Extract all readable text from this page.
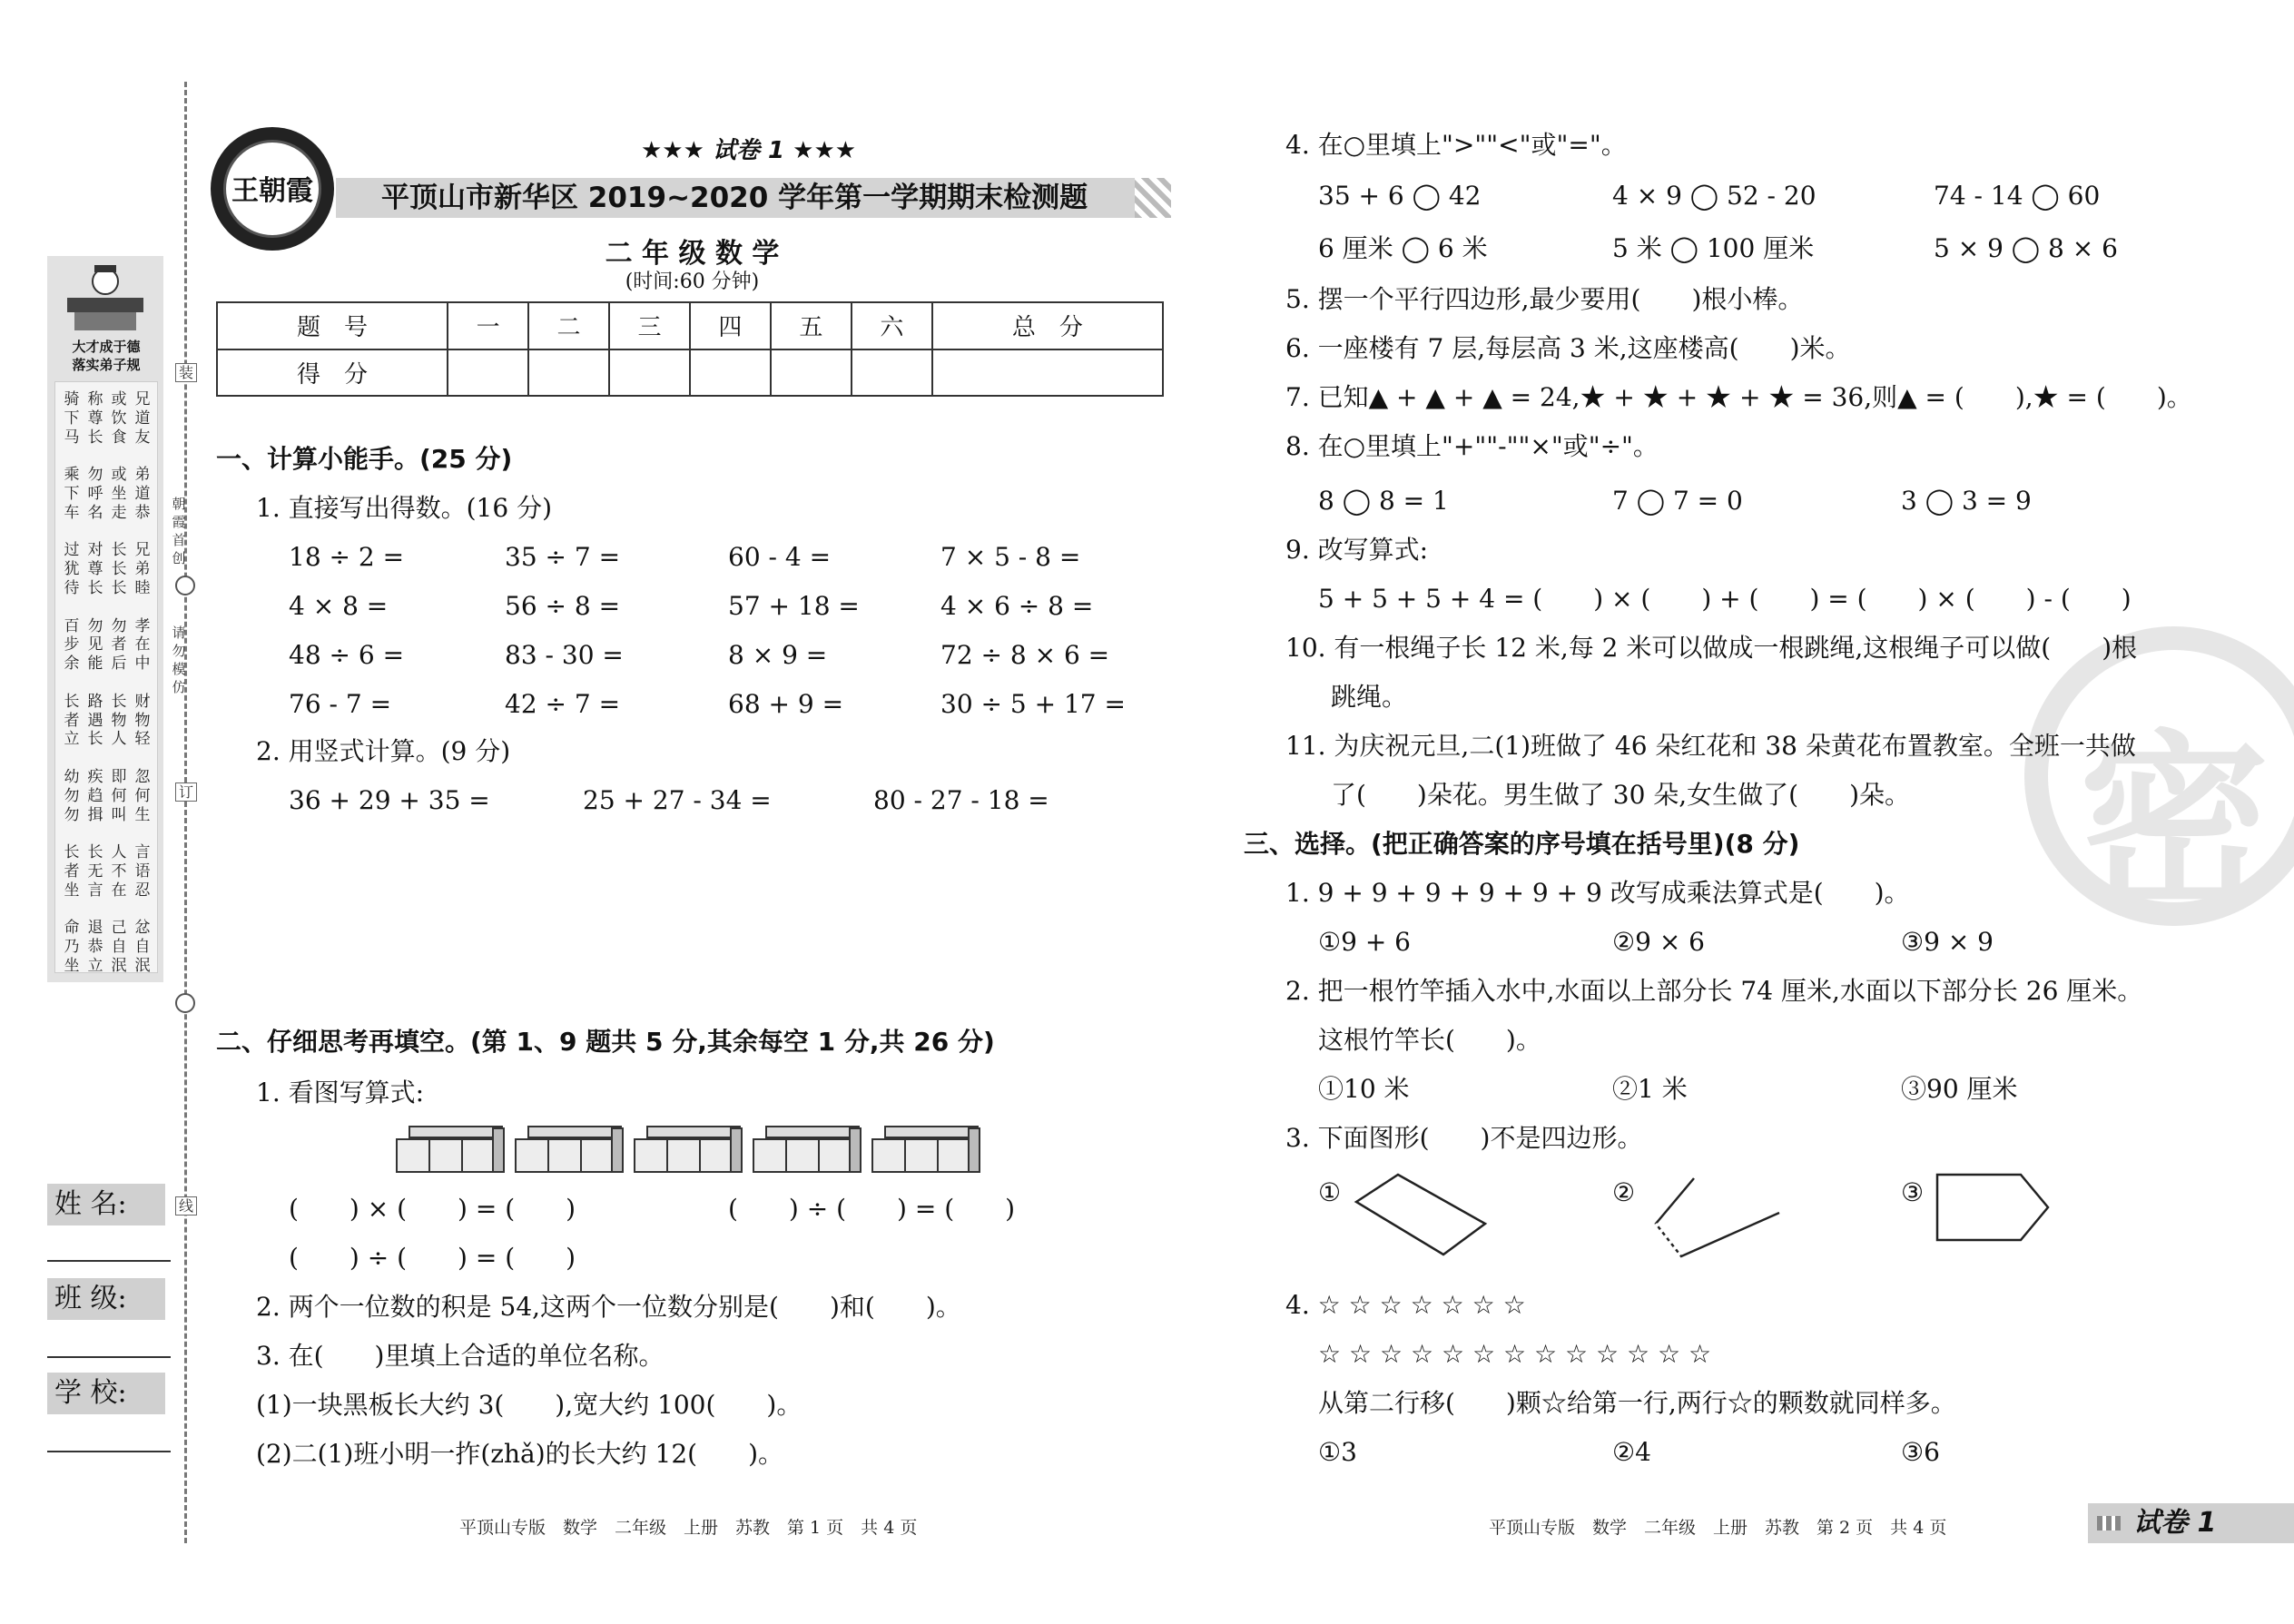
大才成于德
落实弟子规
骑
下
马
乘
下
车
过
犹
待
百
步
余
长
者
立
幼
勿
勿
长
者
坐
命
乃
坐
称
尊
长
勿
呼
名
对
尊
长
勿
见
能
路
遇
长
疾
趋
揖
长
无
言
退
恭
立
或
饮
食
或
坐
走
长
长
长
勿
者
后
长
物
人
即
何
叫
人
不
在
己
自
泯
兄
道
友
弟
道
恭
兄
弟
睦
孝
在
中
财
物
轻
忽
何
生
言
语
忍
忿
自
泯
装
订
线
朝
霞
首
创
请
勿
模
仿
姓 名:
班 级:
学 校:
王朝霞
★★★ 试卷 1 ★★★
平顶山市新华区 2019~2020 学年第一学期期末检测题
二 年 级 数 学
(时间:60 分钟)
题　号	一	二	三	四	五	六	总　分
得　分							
一、计算小能手。(25 分)
1. 直接写出得数。(16 分)
18 ÷ 2 =	35 ÷ 7 =	60 - 4 =	7 × 5 - 8 =
4 × 8 =	56 ÷ 8 =	57 + 18 =	4 × 6 ÷ 8 =
48 ÷ 6 =	83 - 30 =	8 × 9 =	72 ÷ 8 × 6 =
76 - 7 =	42 ÷ 7 =	68 + 9 =	30 ÷ 5 + 17 =
2. 用竖式计算。(9 分)
36 + 29 + 35 =	25 + 27 - 34 =	80 - 27 - 18 =
二、仔细思考再填空。(第 1、9 题共 5 分,其余每空 1 分,共 26 分)
1. 看图写算式:
(　　) × (　　) = (　　)	(　　) ÷ (　　) = (　　)
(　　) ÷ (　　) = (　　)
2. 两个一位数的积是 54,这两个一位数分别是(　　)和(　　)。
3. 在(　　)里填上合适的单位名称。
(1)一块黑板长大约 3(　　),宽大约 100(　　)。
(2)二(1)班小明一拃(zhǎ)的长大约 12(　　)。
密
4. 在○里填上">""<"或"="。
35 + 6 ◯ 42	4 × 9 ◯ 52 - 20	74 - 14 ◯ 60
6 厘米 ◯ 6 米	5 米 ◯ 100 厘米	5 × 9 ◯ 8 × 6
5. 摆一个平行四边形,最少要用(　　)根小棒。
6. 一座楼有 7 层,每层高 3 米,这座楼高(　　)米。
7. 已知▲ + ▲ + ▲ = 24,★ + ★ + ★ + ★ = 36,则▲ = (　　),★ = (　　)。
8. 在○里填上"+""-""×"或"÷"。
8 ◯ 8 = 1	7 ◯ 7 = 0	3 ◯ 3 = 9
9. 改写算式:
5 + 5 + 5 + 4 = (　　) × (　　) + (　　) = (　　) × (　　) - (　　)
10. 有一根绳子长 12 米,每 2 米可以做成一根跳绳,这根绳子可以做(　　)根
跳绳。
11. 为庆祝元旦,二(1)班做了 46 朵红花和 38 朵黄花布置教室。全班一共做
了(　　)朵花。男生做了 30 朵,女生做了(　　)朵。
三、选择。(把正确答案的序号填在括号里)(8 分)
1. 9 + 9 + 9 + 9 + 9 + 9 改写成乘法算式是(　　)。
①9 + 6	②9 × 6	③9 × 9
2. 把一根竹竿插入水中,水面以上部分长 74 厘米,水面以下部分长 26 厘米。
这根竹竿长(　　)。
①10 米	②1 米	③90 厘米
3. 下面图形(　　)不是四边形。
①	②	③
4. ☆ ☆ ☆ ☆ ☆ ☆ ☆
☆ ☆ ☆ ☆ ☆ ☆ ☆ ☆ ☆ ☆ ☆ ☆ ☆
从第二行移(　　)颗☆给第一行,两行☆的颗数就同样多。
①3	②4	③6
平顶山专版　数学　二年级　上册　苏教　第 1 页　共 4 页	平顶山专版　数学　二年级　上册　苏教　第 2 页　共 4 页	试卷 1
